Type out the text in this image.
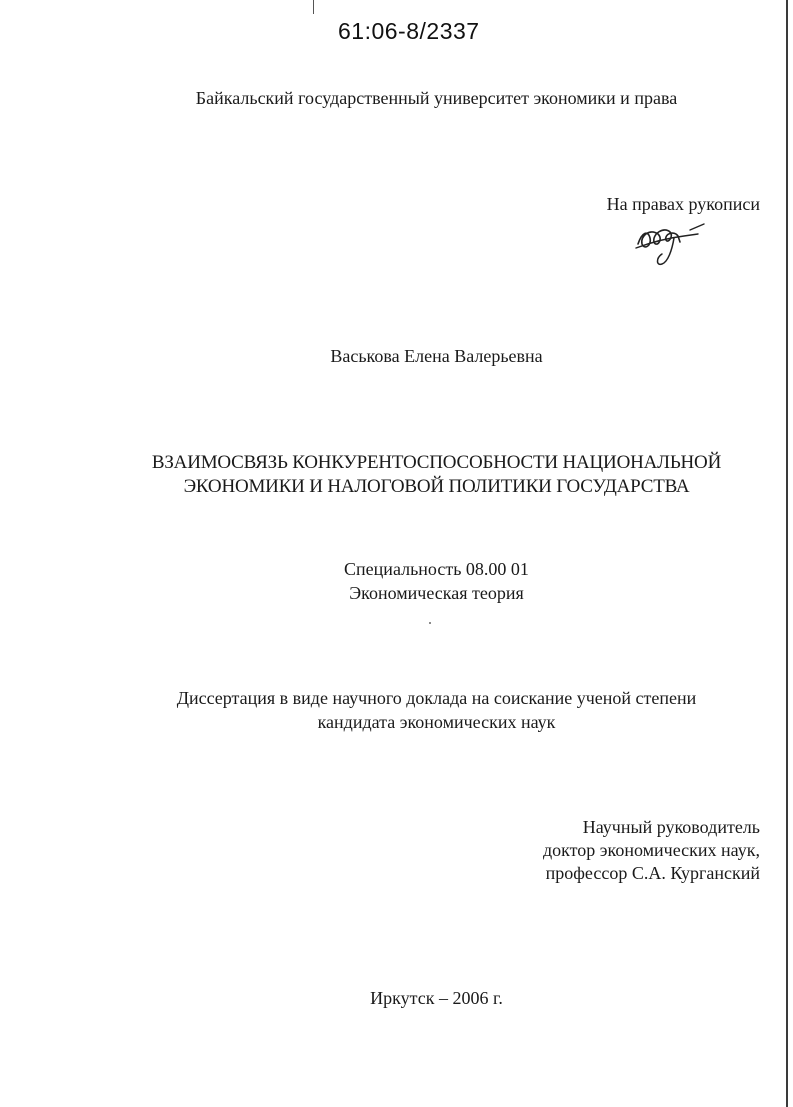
61:06-8/2337
Байкальский государственный университет экономики и права
На правах рукописи
Васькова Елена Валерьевна
ВЗАИМОСВЯЗЬ КОНКУРЕНТОСПОСОБНОСТИ НАЦИОНАЛЬНОЙ
ЭКОНОМИКИ И НАЛОГОВОЙ ПОЛИТИКИ ГОСУДАРСТВА
Специальность 08.00 01
Экономическая теория
Диссертация в виде научного доклада на соискание ученой степени
кандидата экономических наук
Научный руководитель
доктор экономических наук,
профессор С.А. Курганский
Иркутск – 2006 г.
